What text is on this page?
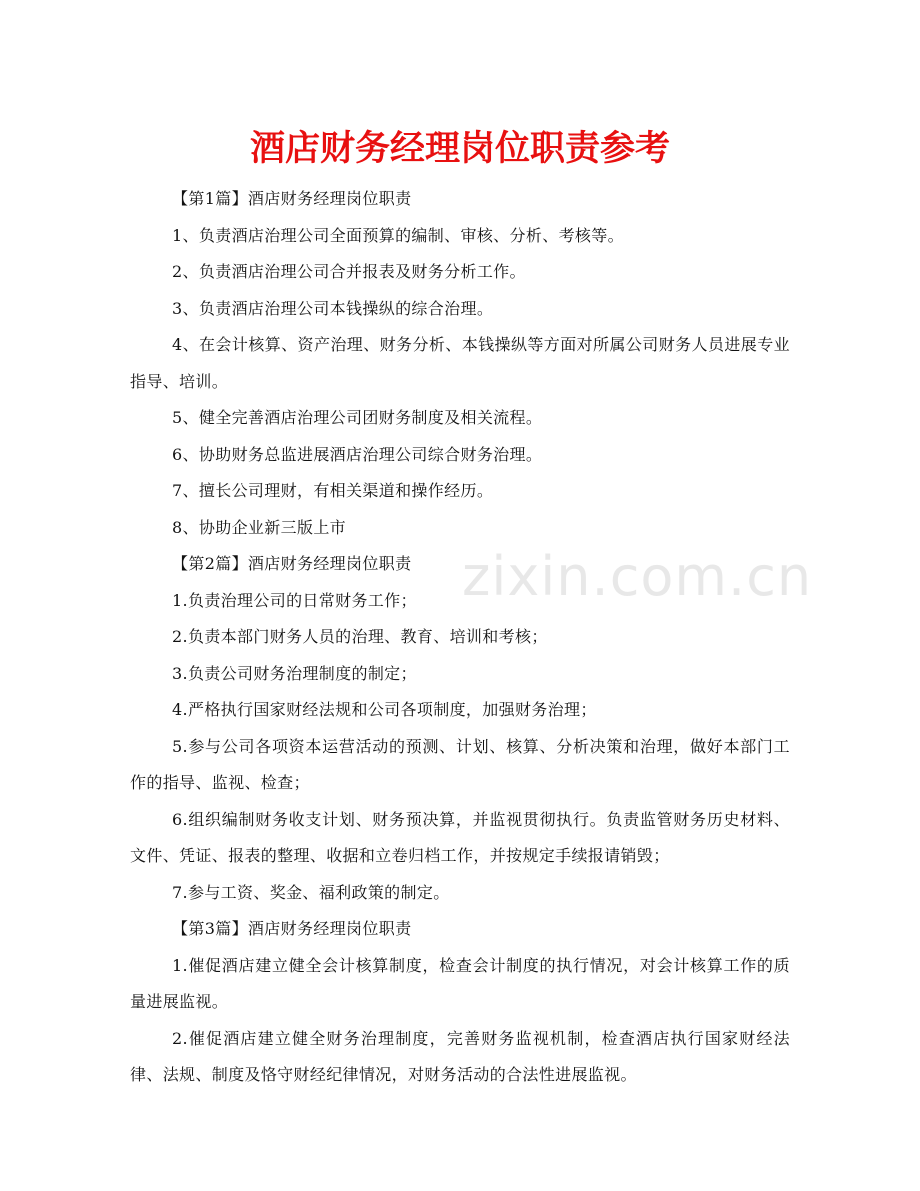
酒店财务经理岗位职责参考
zixin.com.cn

【第1篇】酒店财务经理岗位职责

1、负责酒店治理公司全面预算的编制、审核、分析、考核等。

2、负责酒店治理公司合并报表及财务分析工作。

3、负责酒店治理公司本钱操纵的综合治理。

4、在会计核算、资产治理、财务分析、本钱操纵等方面对所属公司财务人员进展专业指导、培训。

5、健全完善酒店治理公司团财务制度及相关流程。

6、协助财务总监进展酒店治理公司综合财务治理。

7、擅长公司理财，有相关渠道和操作经历。

8、协助企业新三版上市

【第2篇】酒店财务经理岗位职责

1.负责治理公司的日常财务工作；

2.负责本部门财务人员的治理、教育、培训和考核；

3.负责公司财务治理制度的制定；

4.严格执行国家财经法规和公司各项制度，加强财务治理；

5.参与公司各项资本运营活动的预测、计划、核算、分析决策和治理，做好本部门工作的指导、监视、检查；

6.组织编制财务收支计划、财务预决算，并监视贯彻执行。负责监管财务历史材料、文件、凭证、报表的整理、收据和立卷归档工作，并按规定手续报请销毁；

7.参与工资、奖金、福利政策的制定。

【第3篇】酒店财务经理岗位职责

1.催促酒店建立健全会计核算制度，检查会计制度的执行情况，对会计核算工作的质量进展监视。

2.催促酒店建立健全财务治理制度，完善财务监视机制，检查酒店执行国家财经法律、法规、制度及恪守财经纪律情况，对财务活动的合法性进展监视。
